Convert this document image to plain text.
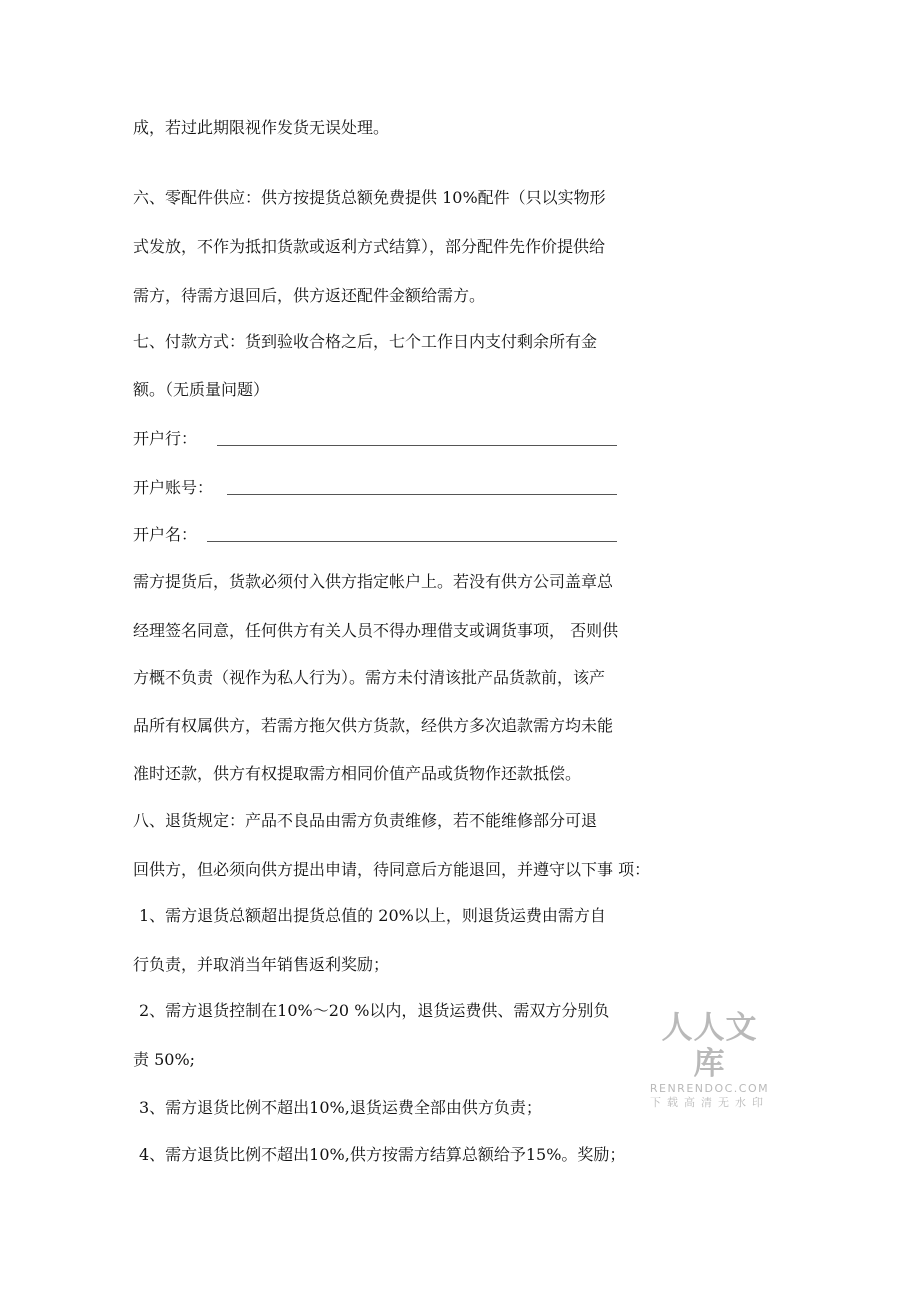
成，若过此期限视作发货无误处理。
六、零配件供应：供方按提货总额免费提供 10%配件（只以实物形
式发放，不作为抵扣货款或返利方式结算），部分配件先作价提供给
需方，待需方退回后，供方返还配件金额给需方。
七、付款方式：货到验收合格之后，七个工作日内支付剩余所有金
额。（无质量问题）
开户行：
开户账号：
开户名：
需方提货后，货款必须付入供方指定帐户上。若没有供方公司盖章总
经理签名同意，任何供方有关人员不得办理借支或调货事项， 否则供
方概不负责（视作为私人行为）。需方未付清该批产品货款前，该产
品所有权属供方，若需方拖欠供方货款，经供方多次追款需方均未能
准时还款，供方有权提取需方相同价值产品或货物作还款抵偿。
八、退货规定：产品不良品由需方负责维修，若不能维修部分可退
回供方，但必须向供方提出申请，待同意后方能退回，并遵守以下事 项：
1、需方退货总额超出提货总值的 20%以上，则退货运费由需方自
行负责，并取消当年销售返利奖励；
2、需方退货控制在10%～20 %以内，退货运费供、需双方分别负
责 50%;
3、需方退货比例不超出10%,退货运费全部由供方负责；
4、需方退货比例不超出10%,供方按需方结算总额给予15%。奖励；
人人文库
RENRENDOC.COM
下载高清无水印
